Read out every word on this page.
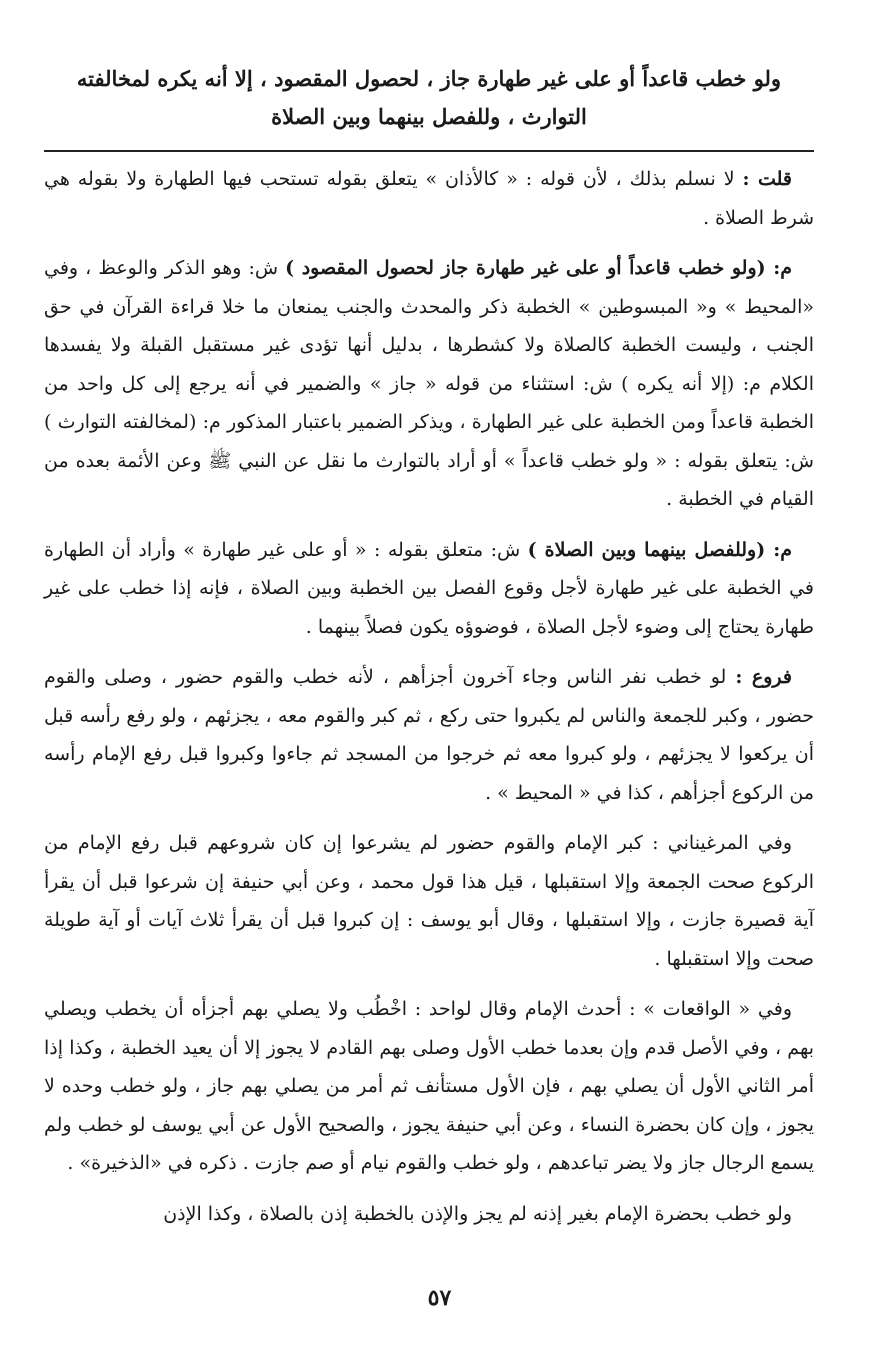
ولو خطب قاعداً أو على غير طهارة جاز ، لحصول المقصود ، إلا أنه يكره لمخالفته التوارث ، وللفصل بينهما وبين الصلاة

قلت : لا نسلم بذلك ، لأن قوله : « كالأذان » يتعلق بقوله تستحب فيها الطهارة ولا بقوله هي شرط الصلاة .

م: (ولو خطب قاعداً أو على غير طهارة جاز لحصول المقصود ) ش: وهو الذكر والوعظ ، وفي «المحيط » و« المبسوطين » الخطبة ذكر والمحدث والجنب يمنعان ما خلا قراءة القرآن في حق الجنب ، وليست الخطبة كالصلاة ولا كشطرها ، بدليل أنها تؤدى غير مستقبل القبلة ولا يفسدها الكلام م: (إلا أنه يكره ) ش: استثناء من قوله « جاز » والضمير في أنه يرجع إلى كل واحد من الخطبة قاعداً ومن الخطبة على غير الطهارة ، ويذكر الضمير باعتبار المذكور م: (لمخالفته التوارث ) ش: يتعلق بقوله : « ولو خطب قاعداً » أو أراد بالتوارث ما نقل عن النبي ﷺ وعن الأئمة بعده من القيام في الخطبة .

م: (وللفصل بينهما وبين الصلاة ) ش: متعلق بقوله : « أو على غير طهارة » وأراد أن الطهارة في الخطبة على غير طهارة لأجل وقوع الفصل بين الخطبة وبين الصلاة ، فإنه إذا خطب على غير طهارة يحتاج إلى وضوء لأجل الصلاة ، فوضوؤه يكون فصلاً بينهما .

فروع : لو خطب نفر الناس وجاء آخرون أجزأهم ، لأنه خطب والقوم حضور ، وصلى والقوم حضور ، وكبر للجمعة والناس لم يكبروا حتى ركع ، ثم كبر والقوم معه ، يجزئهم ، ولو رفع رأسه قبل أن يركعوا لا يجزئهم ، ولو كبروا معه ثم خرجوا من المسجد ثم جاءوا وكبروا قبل رفع الإمام رأسه من الركوع أجزأهم ، كذا في « المحيط » .

وفي المرغيناني : كبر الإمام والقوم حضور لم يشرعوا إن كان شروعهم قبل رفع الإمام من الركوع صحت الجمعة وإلا استقبلها ، قيل هذا قول محمد ، وعن أبي حنيفة إن شرعوا قبل أن يقرأ آية قصيرة جازت ، وإلا استقبلها ، وقال أبو يوسف : إن كبروا قبل أن يقرأ ثلاث آيات أو آية طويلة صحت وإلا استقبلها .

وفي « الواقعات » : أحدث الإمام وقال لواحد : اخْطُب ولا يصلي بهم أجزأه أن يخطب ويصلي بهم ، وفي الأصل قدم وإن بعدما خطب الأول وصلى بهم القادم لا يجوز إلا أن يعيد الخطبة ، وكذا إذا أمر الثاني الأول أن يصلي بهم ، فإن الأول مستأنف ثم أمر من يصلي بهم جاز ، ولو خطب وحده لا يجوز ، وإن كان بحضرة النساء ، وعن أبي حنيفة يجوز ، والصحيح الأول عن أبي يوسف لو خطب ولم يسمع الرجال جاز ولا يضر تباعدهم ، ولو خطب والقوم نيام أو صم جازت . ذكره في «الذخيرة» .

ولو خطب بحضرة الإمام بغير إذنه لم يجز والإذن بالخطبة إذن بالصلاة ، وكذا الإذن

٥٧
